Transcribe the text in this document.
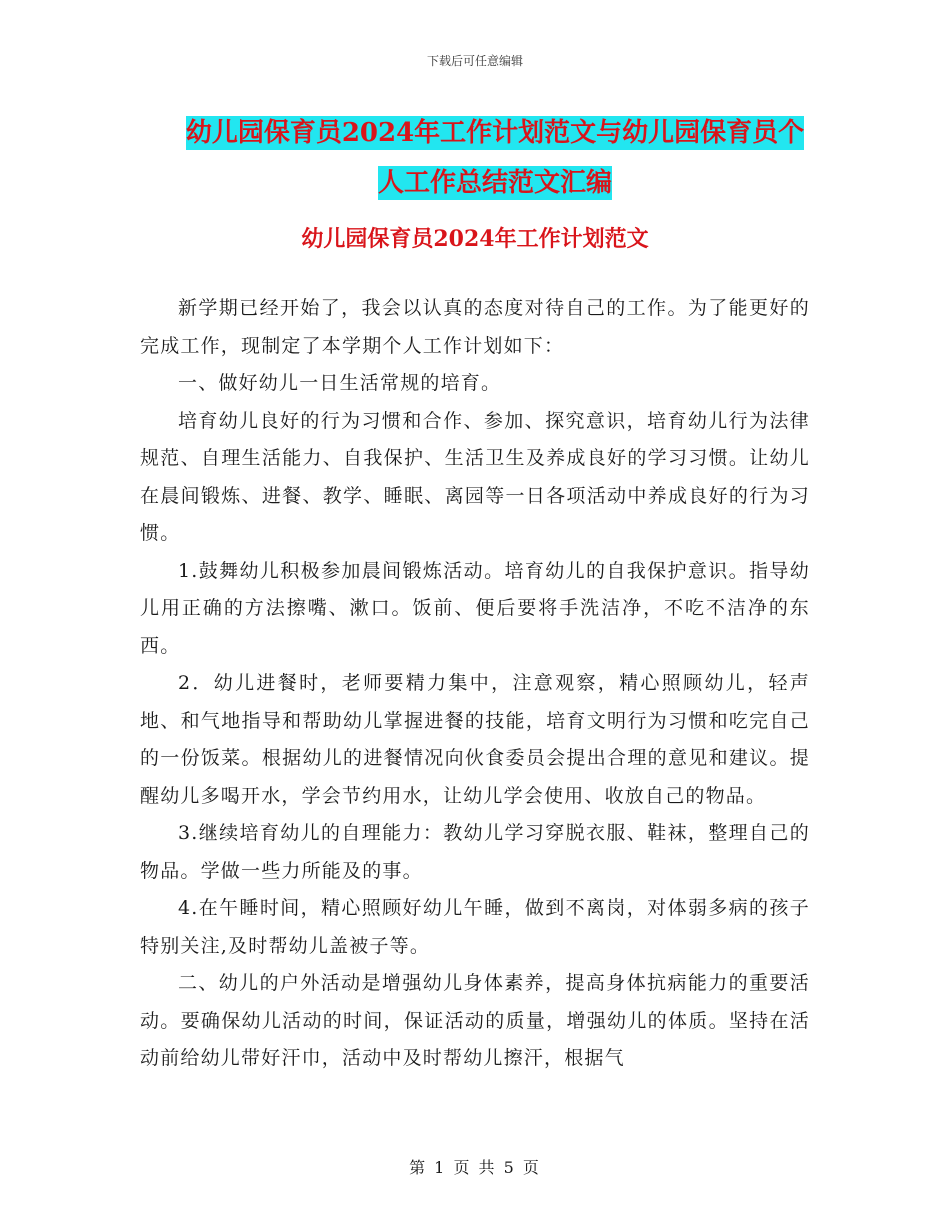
下载后可任意编辑
幼儿园保育员2024年工作计划范文与幼儿园保育员个
人工作总结范文汇编
幼儿园保育员2024年工作计划范文

新学期已经开始了，我会以认真的态度对待自己的工作。为了能更好的完成工作，现制定了本学期个人工作计划如下：

一、做好幼儿一日生活常规的培育。

培育幼儿良好的行为习惯和合作、参加、探究意识，培育幼儿行为法律规范、自理生活能力、自我保护、生活卫生及养成良好的学习习惯。让幼儿在晨间锻炼、进餐、教学、睡眠、离园等一日各项活动中养成良好的行为习惯。

1.鼓舞幼儿积极参加晨间锻炼活动。培育幼儿的自我保护意识。指导幼儿用正确的方法擦嘴、漱口。饭前、便后要将手洗洁净，不吃不洁净的东西。

2．幼儿进餐时，老师要精力集中，注意观察，精心照顾幼儿，轻声地、和气地指导和帮助幼儿掌握进餐的技能，培育文明行为习惯和吃完自己的一份饭菜。根据幼儿的进餐情况向伙食委员会提出合理的意见和建议。提醒幼儿多喝开水，学会节约用水，让幼儿学会使用、收放自己的物品。

3.继续培育幼儿的自理能力：教幼儿学习穿脱衣服、鞋袜，整理自己的物品。学做一些力所能及的事。

4.在午睡时间，精心照顾好幼儿午睡，做到不离岗，对体弱多病的孩子特别关注,及时帮幼儿盖被子等。

二、幼儿的户外活动是增强幼儿身体素养，提高身体抗病能力的重要活动。要确保幼儿活动的时间，保证活动的质量，增强幼儿的体质。坚持在活动前给幼儿带好汗巾，活动中及时帮幼儿擦汗，根据气

第 1 页 共 5 页
